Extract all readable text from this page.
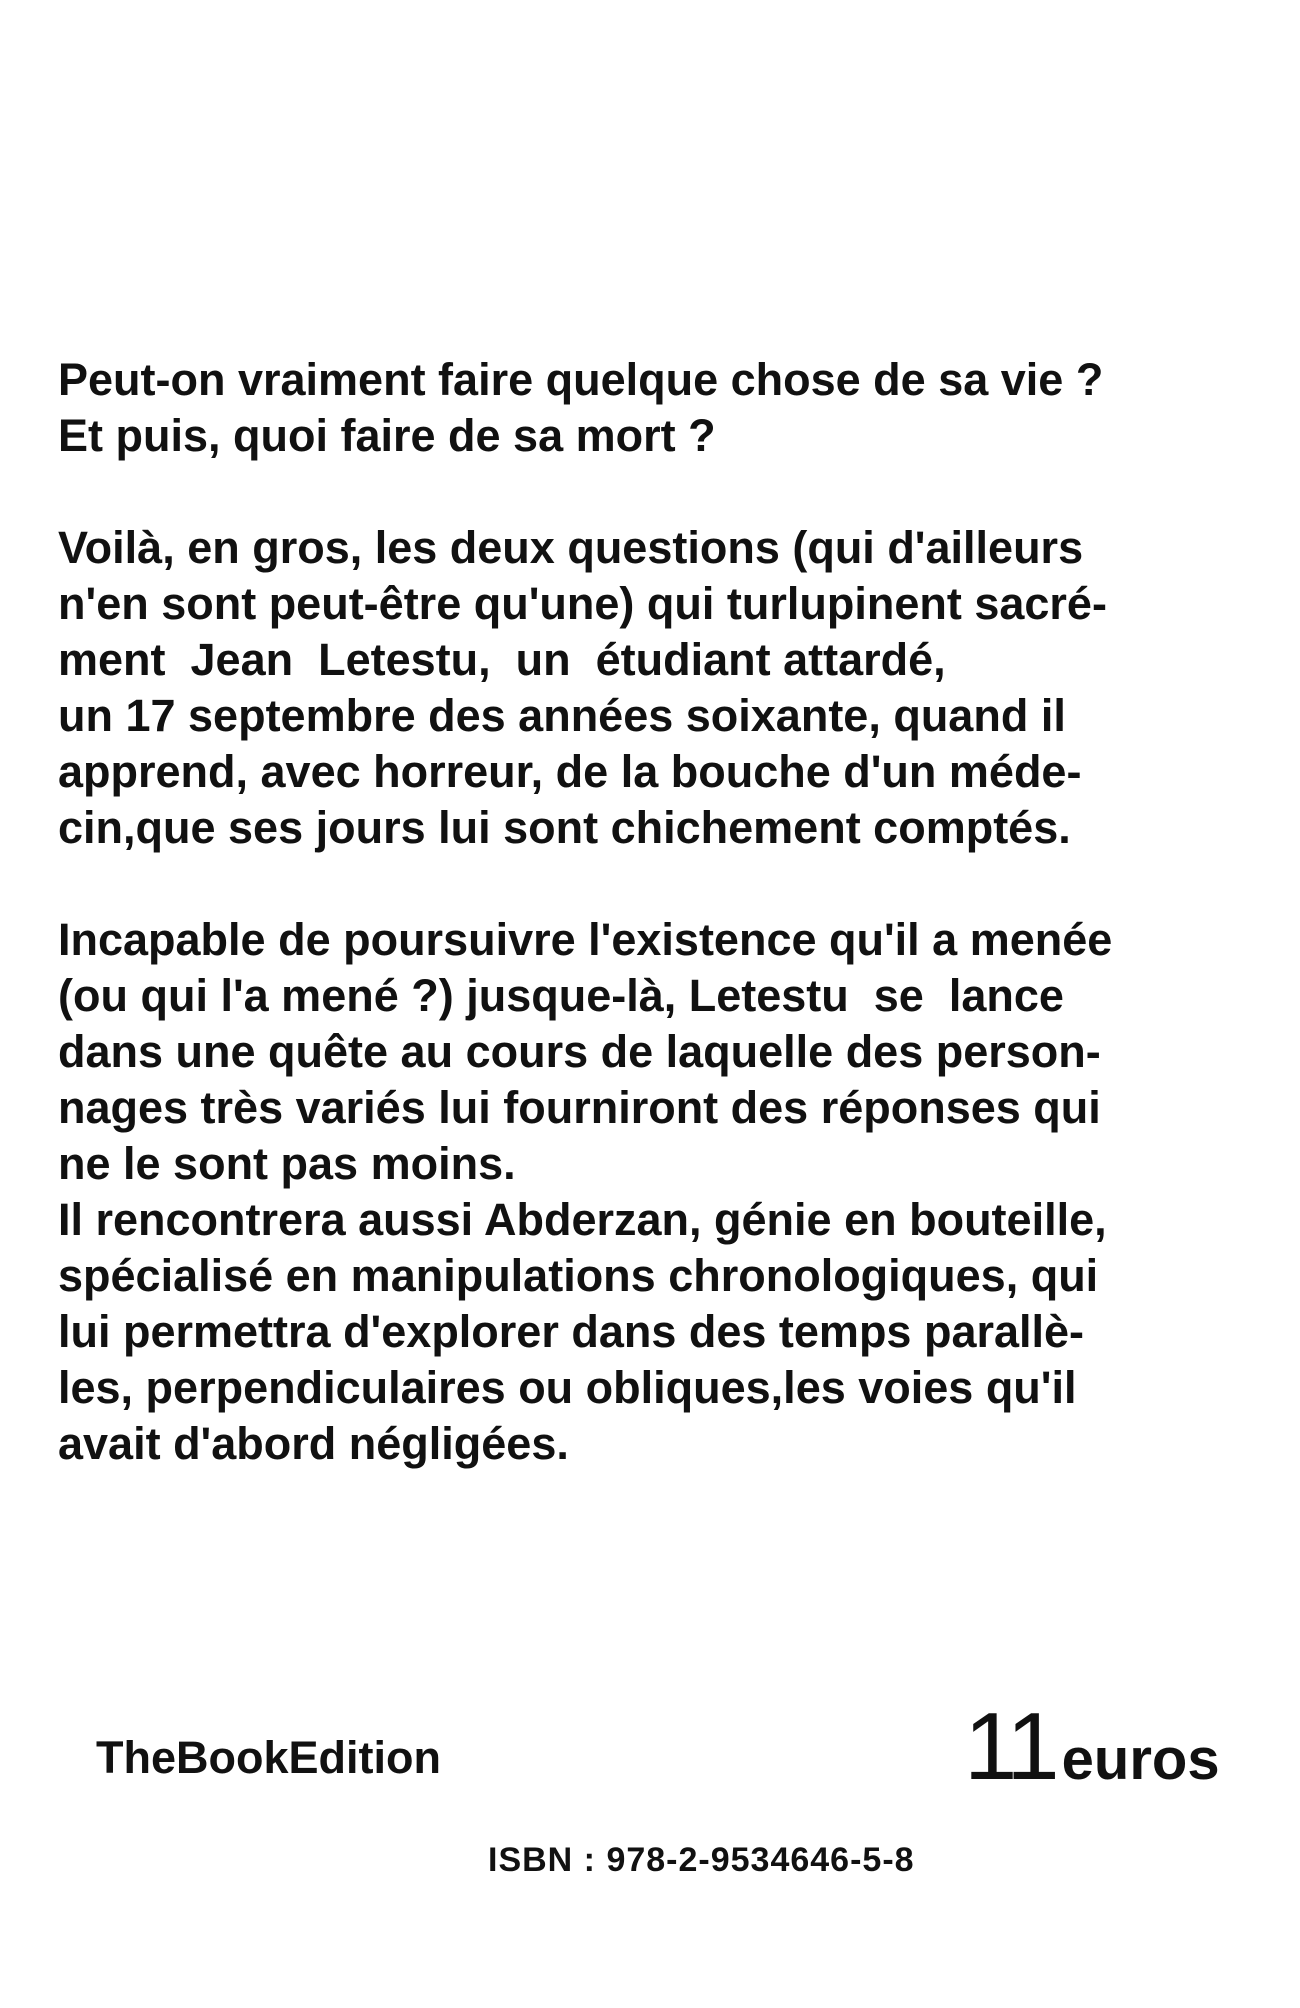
Peut-on vraiment faire quelque chose de sa vie ?
Et puis, quoi faire de sa mort ?

Voilà, en gros, les deux questions (qui d'ailleurs
n'en sont peut-être qu'une) qui turlupinent sacré-
ment  Jean  Letestu,  un  étudiant attardé,
un 17 septembre des années soixante, quand il
apprend, avec horreur, de la bouche d'un méde-
cin,que ses jours lui sont chichement comptés.

Incapable de poursuivre l'existence qu'il a menée
(ou qui l'a mené ?) jusque-là, Letestu  se  lance
dans une quête au cours de laquelle des person-
nages très variés lui fourniront des réponses qui
ne le sont pas moins.
Il rencontrera aussi Abderzan, génie en bouteille,
spécialisé en manipulations chronologiques, qui
lui permettra d'explorer dans des temps parallè-
les, perpendiculaires ou obliques,les voies qu'il
avait d'abord négligées.

TheBookEdition	11 euros
ISBN : 978-2-9534646-5-8
